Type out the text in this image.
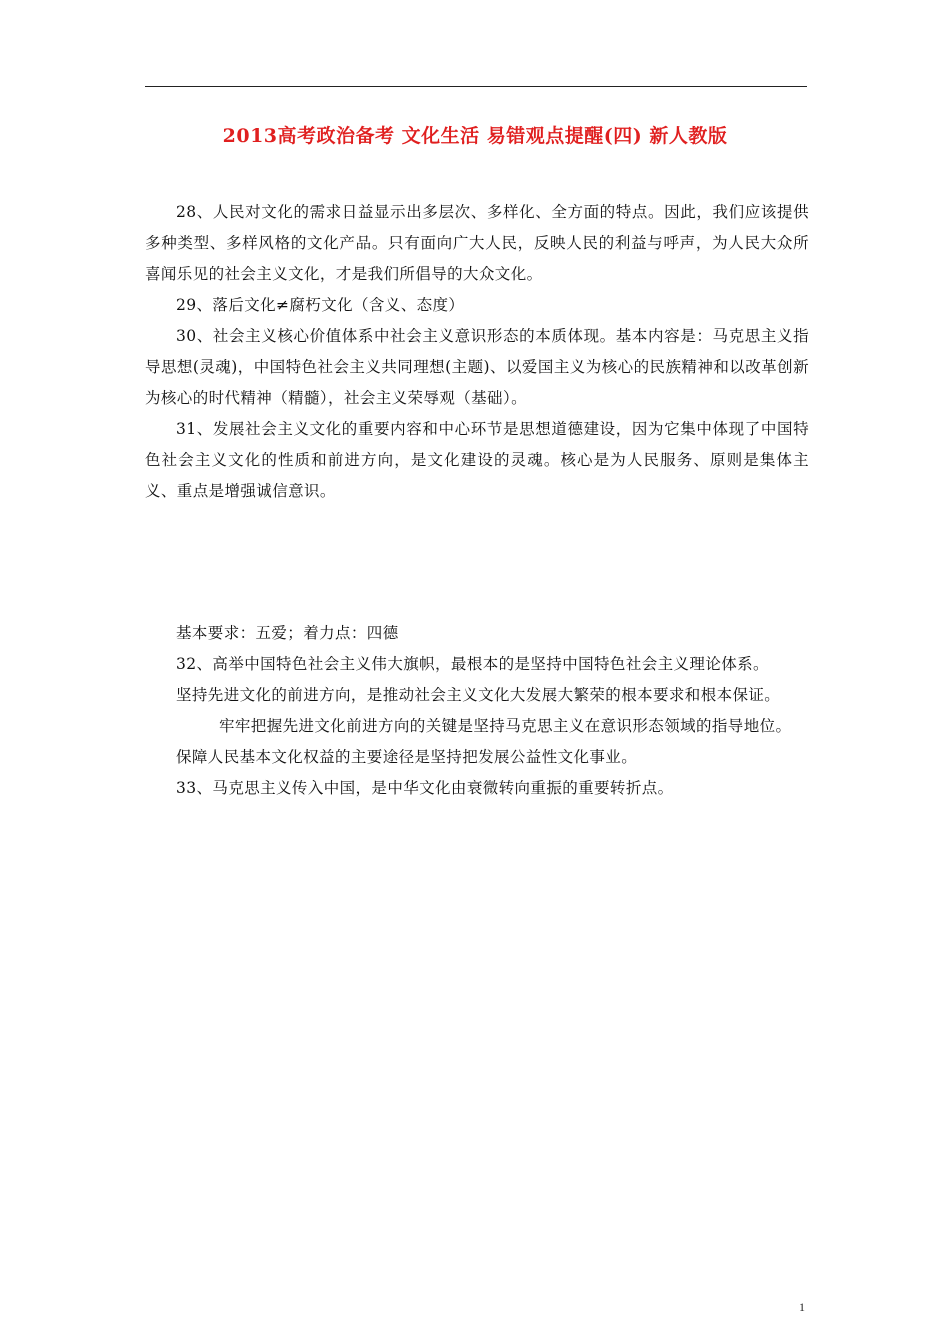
2013高考政治备考 文化生活 易错观点提醒(四) 新人教版

28、人民对文化的需求日益显示出多层次、多样化、全方面的特点。因此，我们应该提供多种类型、多样风格的文化产品。只有面向广大人民，反映人民的利益与呼声，为人民大众所喜闻乐见的社会主义文化，才是我们所倡导的大众文化。

29、落后文化≠腐朽文化（含义、态度）

30、社会主义核心价值体系中社会主义意识形态的本质体现。基本内容是：马克思主义指导思想(灵魂)，中国特色社会主义共同理想(主题)、以爱国主义为核心的民族精神和以改革创新为核心的时代精神（精髓），社会主义荣辱观（基础）。

31、发展社会主义文化的重要内容和中心环节是思想道德建设，因为它集中体现了中国特色社会主义文化的性质和前进方向，是文化建设的灵魂。核心是为人民服务、原则是集体主义、重点是增强诚信意识。

基本要求：五爱；着力点：四德

32、高举中国特色社会主义伟大旗帜，最根本的是坚持中国特色社会主义理论体系。

坚持先进文化的前进方向，是推动社会主义文化大发展大繁荣的根本要求和根本保证。

牢牢把握先进文化前进方向的关键是坚持马克思主义在意识形态领域的指导地位。

保障人民基本文化权益的主要途径是坚持把发展公益性文化事业。

33、马克思主义传入中国，是中华文化由衰微转向重振的重要转折点。

1
